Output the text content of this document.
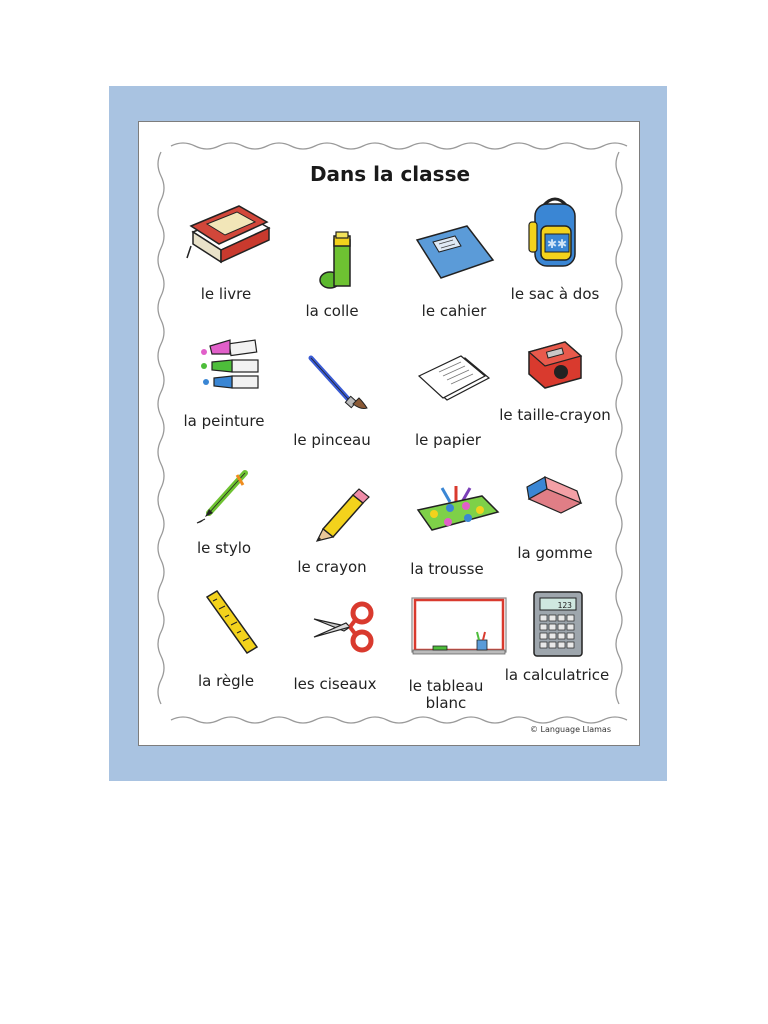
Dans la classe
le livre
la colle	le cahier
✱✱
le sac à dos
la peinture
le pinceau	le papier
le taille-crayon
le stylo
le crayon	la trousse
la gomme
la règle	les ciseaux	le tableau blanc
123
la calculatrice
© Language Llamas
